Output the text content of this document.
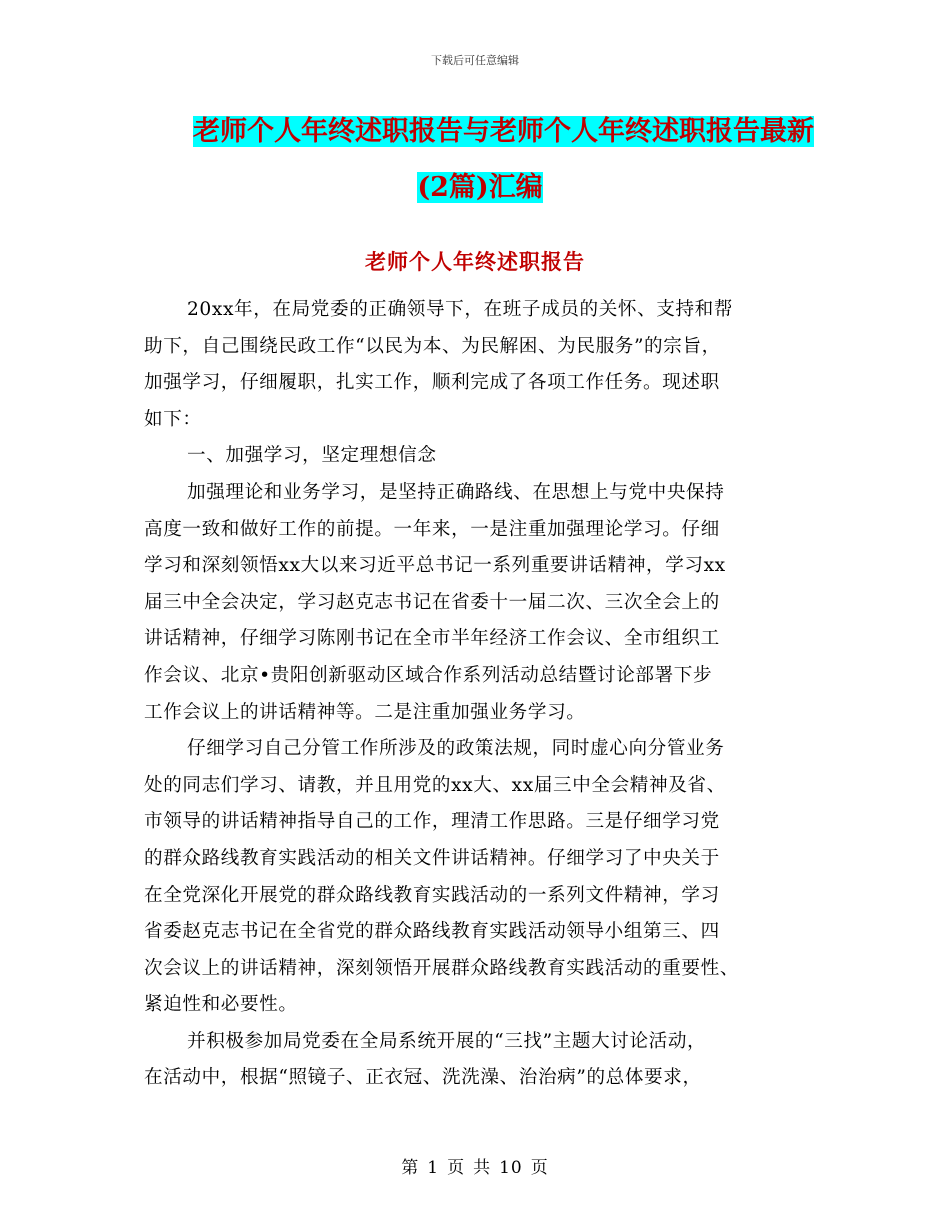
下载后可任意编辑
老师个人年终述职报告与老师个人年终述职报告最新
(2篇)汇编
老师个人年终述职报告
20xx年，在局党委的正确领导下，在班子成员的关怀、支持和帮
助下，自己围绕民政工作“以民为本、为民解困、为民服务”的宗旨，
加强学习，仔细履职，扎实工作，顺利完成了各项工作任务。现述职
如下：
一、加强学习，坚定理想信念
加强理论和业务学习，是坚持正确路线、在思想上与党中央保持
高度一致和做好工作的前提。一年来，一是注重加强理论学习。仔细
学习和深刻领悟xx大以来习近平总书记一系列重要讲话精神，学习xx
届三中全会决定，学习赵克志书记在省委十一届二次、三次全会上的
讲话精神，仔细学习陈刚书记在全市半年经济工作会议、全市组织工
作会议、北京•贵阳创新驱动区域合作系列活动总结暨讨论部署下步
工作会议上的讲话精神等。二是注重加强业务学习。
仔细学习自己分管工作所涉及的政策法规，同时虚心向分管业务
处的同志们学习、请教，并且用党的xx大、xx届三中全会精神及省、
市领导的讲话精神指导自己的工作，理清工作思路。三是仔细学习党
的群众路线教育实践活动的相关文件讲话精神。仔细学习了中央关于
在全党深化开展党的群众路线教育实践活动的一系列文件精神，学习
省委赵克志书记在全省党的群众路线教育实践活动领导小组第三、四
次会议上的讲话精神，深刻领悟开展群众路线教育实践活动的重要性、
紧迫性和必要性。
并积极参加局党委在全局系统开展的“三找”主题大讨论活动，
在活动中，根据“照镜子、正衣冠、洗洗澡、治治病”的总体要求，
第 1 页 共 10 页
